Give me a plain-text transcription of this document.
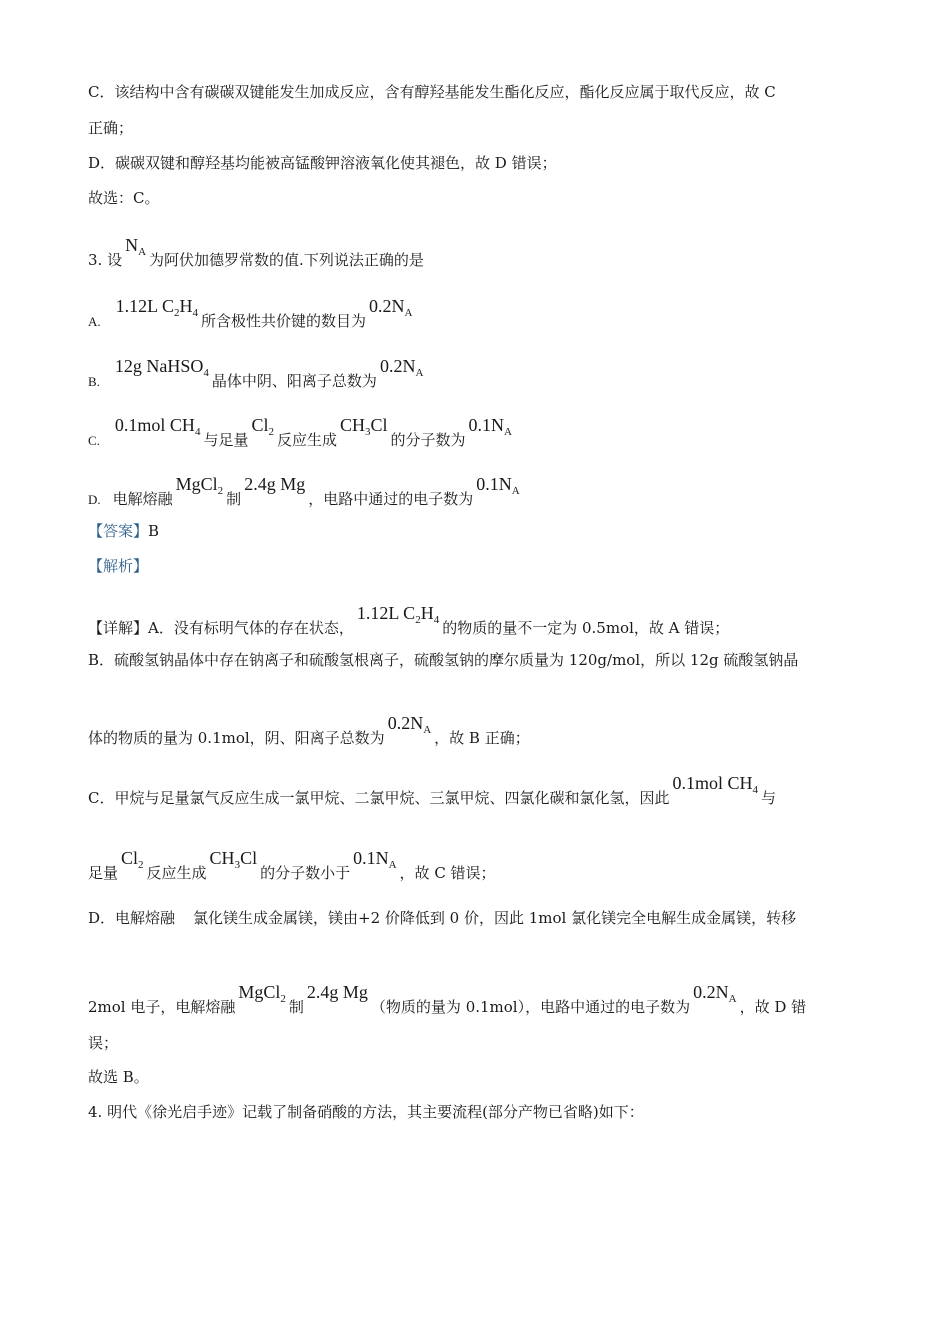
C．该结构中含有碳碳双键能发生加成反应，含有醇羟基能发生酯化反应，酯化反应属于取代反应，故 C
正确；
D．碳碳双键和醇羟基均能被高锰酸钾溶液氧化使其褪色，故 D 错误；
故选：C。
3. 设$N_A$ 为阿伏加德罗常数的值.下列说法正确的是
A.1.12L $C_2H_4$ 所含极性共价键的数目为$0.2N_A$
B.12g NaHSO$_4$ 晶体中阴、阳离子总数为$0.2N_A$
C.0.1mol $CH_4$ 与足量$Cl_2$ 反应生成$CH_3Cl$的分子数为$0.1N_A$
D. 电解熔融MgCl$_2$ 制2.4g Mg，电路中通过的电子数为$0.1N_A$
【答案】B
【解析】
【详解】A．没有标明气体的存在状态，1.12L $C_2H_4$ 的物质的量不一定为 0.5mol，故 A 错误；
B．硫酸氢钠晶体中存在钠离子和硫酸氢根离子，硫酸氢钠的摩尔质量为 120g/mol，所以 12g 硫酸氢钠晶
体的物质的量为 0.1mol，阴、阳离子总数为$0.2N_A$ ，故 B 正确；
C．甲烷与足量氯气反应生成一氯甲烷、二氯甲烷、三氯甲烷、四氯化碳和氯化氢，因此0.1mol $CH_4$ 与
足量$Cl_2$ 反应生成$CH_3Cl$的分子数小于$0.1N_A$ ，故 C 错误；
D．电解熔融 氯化镁生成金属镁，镁由+2 价降低到 0 价，因此 1mol 氯化镁完全电解生成金属镁，转移
2mol 电子，电解熔融MgCl$_2$ 制2.4g Mg（物质的量为 0.1mol），电路中通过的电子数为$0.2N_A$ ，故 D 错
误；
故选 B。
4. 明代《徐光启手迹》记载了制备硝酸的方法，其主要流程(部分产物已省略)如下：
